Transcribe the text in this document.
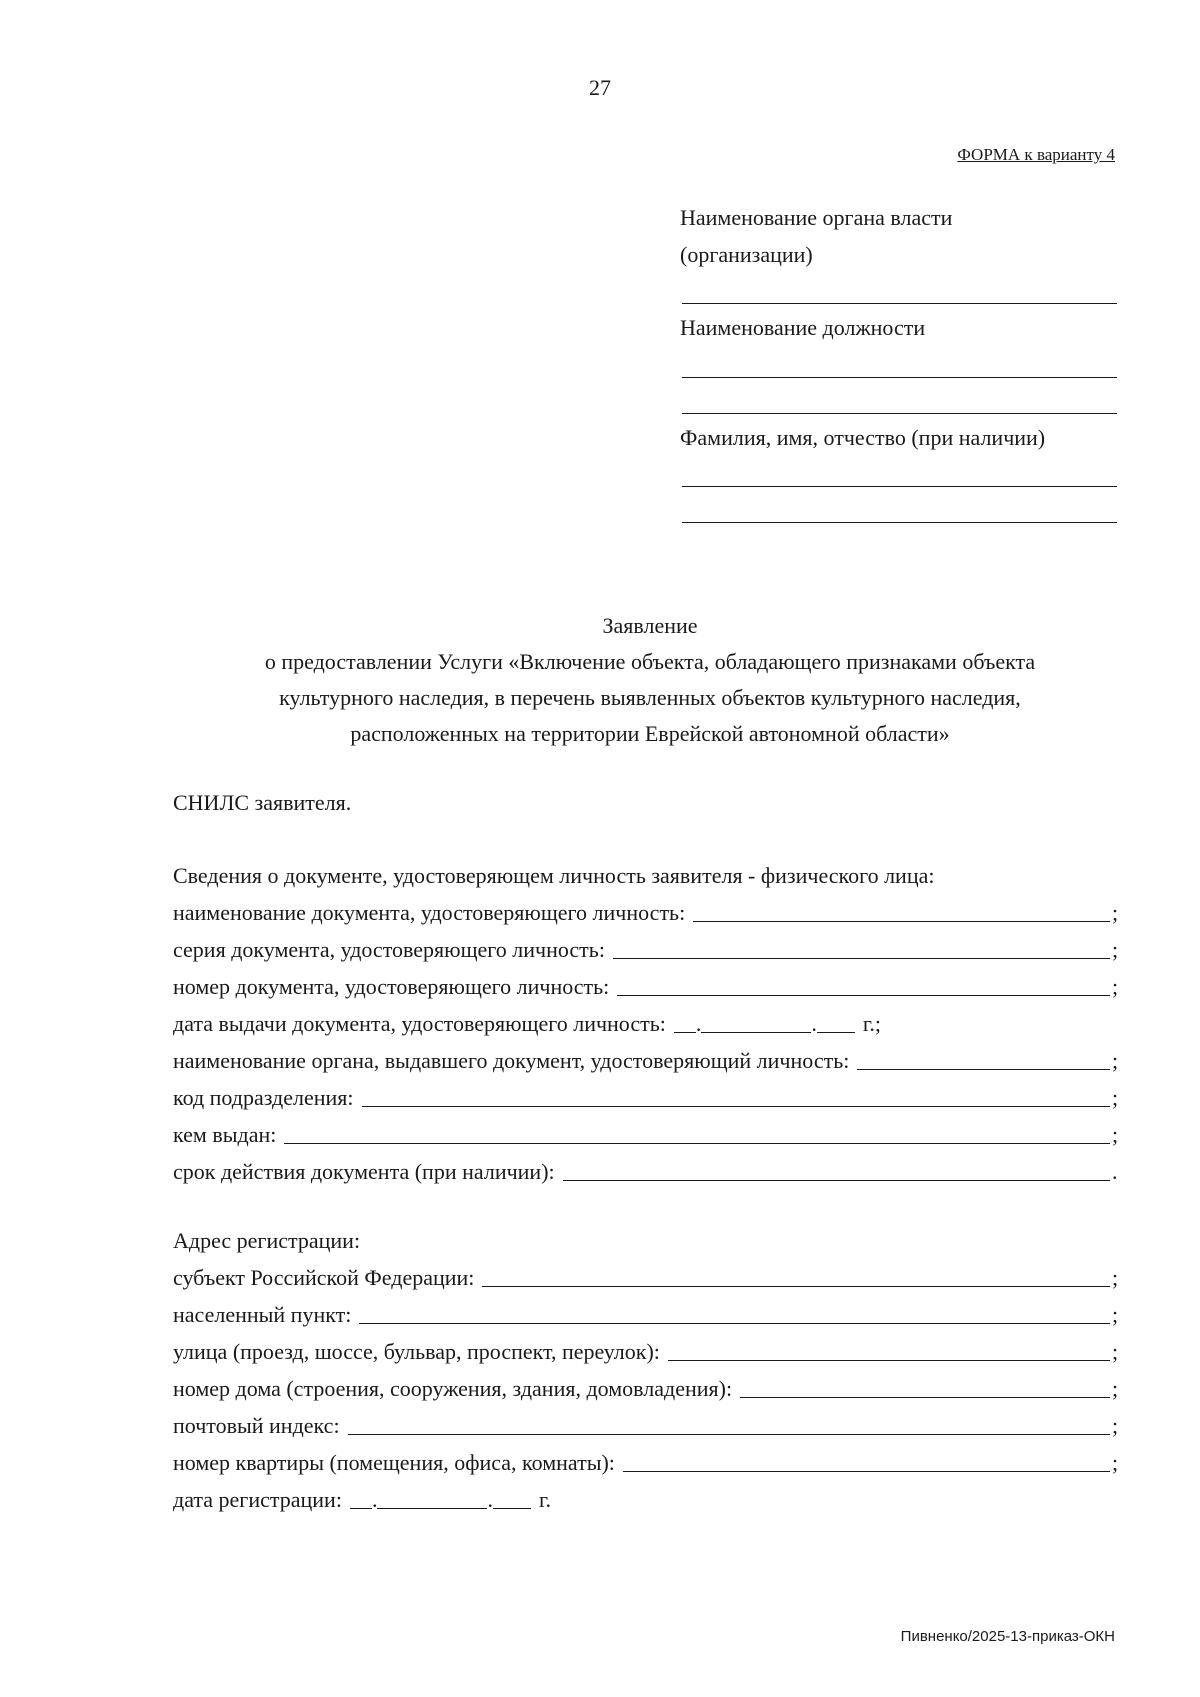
27
ФОРМА к варианту 4
Наименование органа власти
(организации)
Наименование должности
Фамилия, имя, отчество (при наличии)
Заявление
о предоставлении Услуги «Включение объекта, обладающего признаками объекта
культурного наследия, в перечень выявленных объектов культурного наследия,
расположенных на территории Еврейской автономной области»
СНИЛС заявителя.
Сведения о документе, удостоверяющем личность заявителя - физического лица:
наименование документа, удостоверяющего личность:	;
серия документа, удостоверяющего личность:	;
номер документа, удостоверяющего личность:	;
дата выдачи документа, удостоверяющего личность: .	. г.;
наименование органа, выдавшего документ, удостоверяющий личность:	;
код подразделения:	;
кем выдан:	;
срок действия документа (при наличии):	.
Адрес регистрации:
субъект Российской Федерации:	;
населенный пункт:	;
улица (проезд, шоссе, бульвар, проспект, переулок):	;
номер дома (строения, сооружения, здания, домовладения):	;
почтовый индекс:	;
номер квартиры (помещения, офиса, комнаты):	;
дата регистрации: .	. г.
Пивненко/2025-13-приказ-ОКН
